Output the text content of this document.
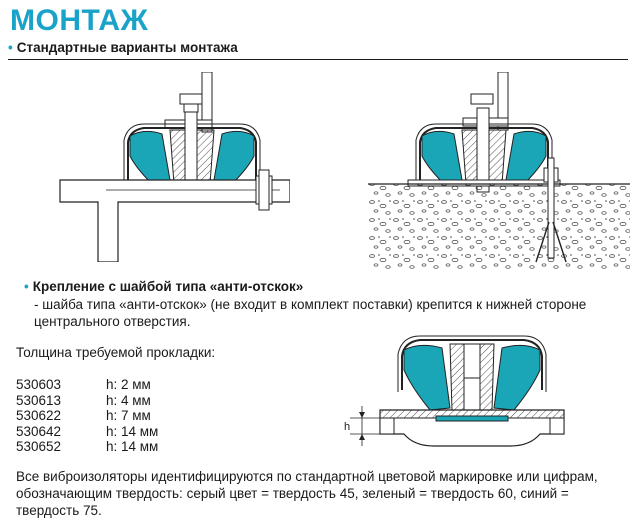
МОНТАЖ
• Стандартные варианты монтажа
• Крепление с шайбой типа «анти-отскок»
- шайба типа «анти-отскок» (не входит в комплект поставки) крепится к нижней стороне центрального отверстия.
Толщина требуемой прокладки:
530603	h: 2 мм
530613	h: 4 мм
530622	h: 7 мм
530642	h: 14 мм
530652	h: 14 мм
h
Все виброизоляторы идентифицируются по стандартной цветовой маркировке или цифрам, обозначающим твердость: серый цвет = твердость 45, зеленый = твердость 60, синий = твердость 75.
